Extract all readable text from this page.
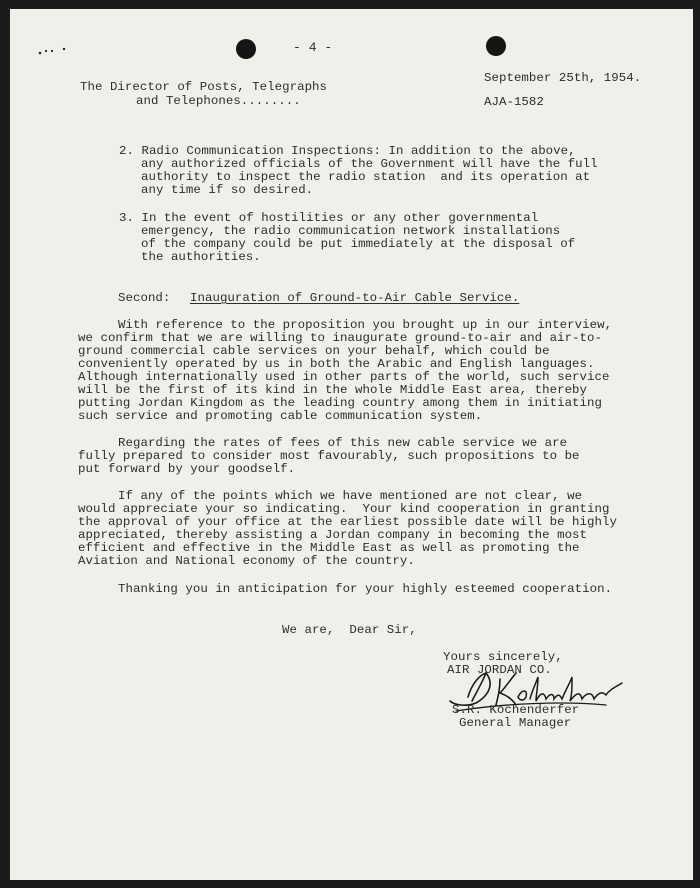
- 4 -
The Director of Posts, Telegraphs
and Telephones........
September 25th, 1954.
AJA-1582
2. Radio Communication Inspections: In addition to the above,
any authorized officials of the Government will have the full
authority to inspect the radio station  and its operation at
any time if so desired.
3. In the event of hostilities or any other governmental
emergency, the radio communication network installations
of the company could be put immediately at the disposal of
the authorities.
Second: Inauguration of Ground-to-Air Cable Service.
With reference to the proposition you brought up in our interview,
we confirm that we are willing to inaugurate ground-to-air and air-to-
ground commercial cable services on your behalf, which could be
conveniently operated by us in both the Arabic and English languages.
Although internationally used in other parts of the world, such service
will be the first of its kind in the whole Middle East area, thereby
putting Jordan Kingdom as the leading country among them in initiating
such service and promoting cable communication system.
Regarding the rates of fees of this new cable service we are
fully prepared to consider most favourably, such propositions to be
put forward by your goodself.
If any of the points which we have mentioned are not clear, we
would appreciate your so indicating.  Your kind cooperation in granting
the approval of your office at the earliest possible date will be highly
appreciated, thereby assisting a Jordan company in becoming the most
efficient and effective in the Middle East as well as promoting the
Aviation and National economy of the country.
Thanking you in anticipation for your highly esteemed cooperation.
We are,  Dear Sir,
Yours sincerely,
AIR JORDAN CO.
S.R. Kochenderfer
General Manager
